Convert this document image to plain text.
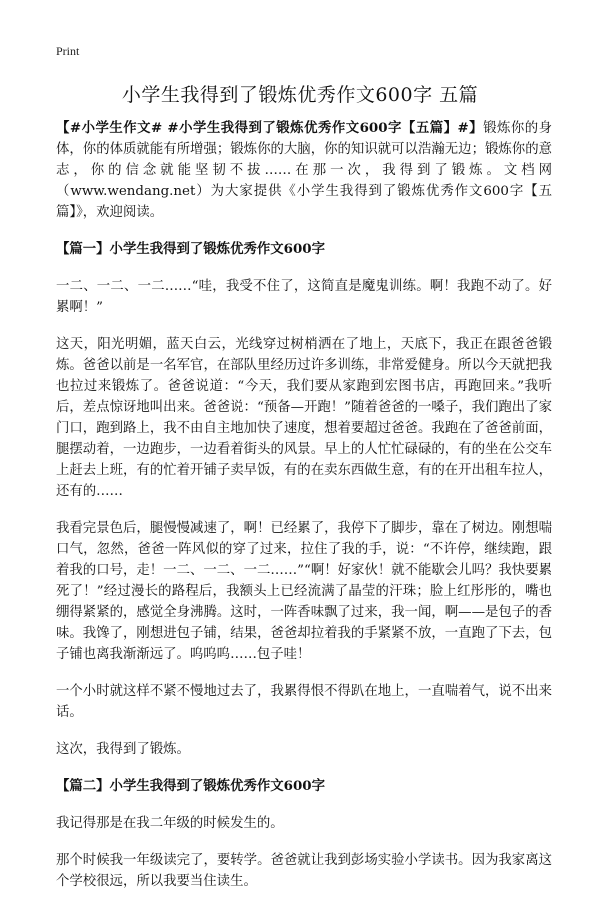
Print
小学生我得到了锻炼优秀作文600字 五篇

【#小学生作文# #小学生我得到了锻炼优秀作文600字【五篇】#】锻炼你的身体，你的体质就能有所增强；锻炼你的大脑，你的知识就可以浩瀚无边；锻炼你的意志，你的信念就能坚韧不拔……在那一次，我得到了锻炼。文档网（www.wendang.net）为大家提供《小学生我得到了锻炼优秀作文600字【五篇】》，欢迎阅读。

【篇一】小学生我得到了锻炼优秀作文600字

一二、一二、一二……“哇，我受不住了，这简直是魔鬼训练。啊！我跑不动了。好累啊！”

这天，阳光明媚，蓝天白云，光线穿过树梢洒在了地上，天底下，我正在跟爸爸锻炼。爸爸以前是一名军官，在部队里经历过许多训练，非常爱健身。所以今天就把我也拉过来锻炼了。爸爸说道：“今天，我们要从家跑到宏图书店，再跑回来。”我听后，差点惊讶地叫出来。爸爸说：“预备—开跑！”随着爸爸的一嗓子，我们跑出了家门口，跑到路上，我不由自主地加快了速度，想着要超过爸爸。我跑在了爸爸前面，腿摆动着，一边跑步，一边看着街头的风景。早上的人忙忙碌碌的，有的坐在公交车上赶去上班，有的忙着开铺子卖早饭，有的在卖东西做生意，有的在开出租车拉人，还有的……

我看完景色后，腿慢慢减速了，啊！已经累了，我停下了脚步，靠在了树边。刚想喘口气，忽然，爸爸一阵风似的穿了过来，拉住了我的手，说：“不许停，继续跑，跟着我的口号，走！一二、一二、一二……”“啊！好家伙！就不能歇会儿吗？我快要累死了！”经过漫长的路程后，我额头上已经流满了晶莹的汗珠；脸上红彤彤的，嘴也绷得紧紧的，感觉全身沸腾。这时，一阵香味飘了过来，我一闻，啊——是包子的香味。我馋了，刚想进包子铺，结果，爸爸却拉着我的手紧紧不放，一直跑了下去，包子铺也离我渐渐远了。呜呜呜……包子哇！

一个小时就这样不紧不慢地过去了，我累得恨不得趴在地上，一直喘着气，说不出来话。

这次，我得到了锻炼。

【篇二】小学生我得到了锻炼优秀作文600字

我记得那是在我二年级的时候发生的。

那个时候我一年级读完了，要转学。爸爸就让我到彭场实验小学读书。因为我家离这个学校很远，所以我要当住读生。
